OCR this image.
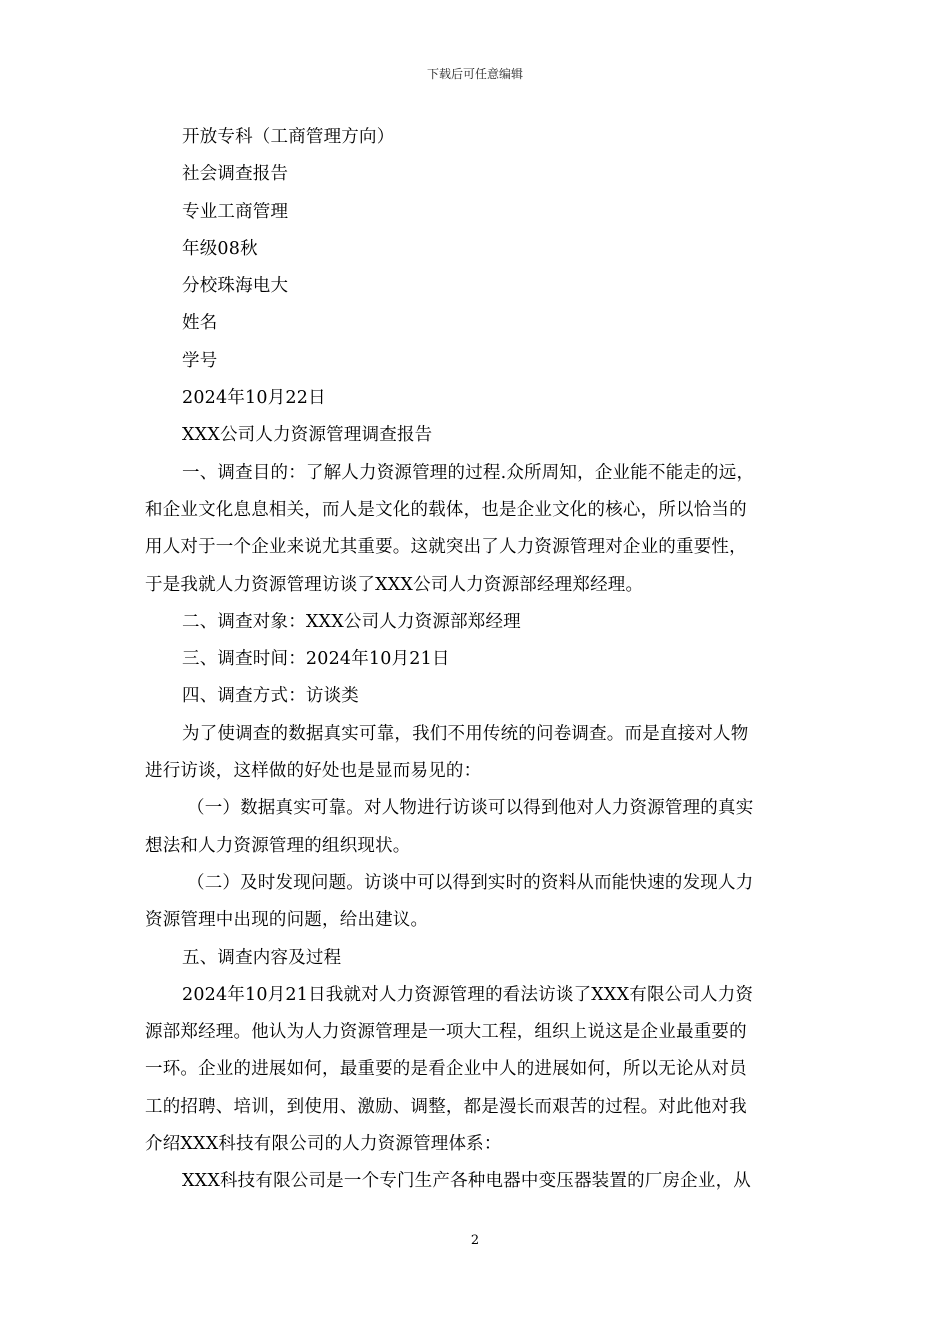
下载后可任意编辑

开放专科（工商管理方向）

社会调查报告

专业工商管理

年级08秋

分校珠海电大

姓名

学号

2024年10月22日

XXX公司人力资源管理调查报告

一、调查目的：了解人力资源管理的过程.众所周知，企业能不能走的远，

和企业文化息息相关，而人是文化的载体，也是企业文化的核心，所以恰当的

用人对于一个企业来说尤其重要。这就突出了人力资源管理对企业的重要性，

于是我就人力资源管理访谈了XXX公司人力资源部经理郑经理。

二、调查对象：XXX公司人力资源部郑经理

三、调查时间：2024年10月21日

四、调查方式：访谈类

为了使调查的数据真实可靠，我们不用传统的问卷调查。而是直接对人物

进行访谈，这样做的好处也是显而易见的：

（一）数据真实可靠。对人物进行访谈可以得到他对人力资源管理的真实

想法和人力资源管理的组织现状。

（二）及时发现问题。访谈中可以得到实时的资料从而能快速的发现人力

资源管理中出现的问题，给出建议。

五、调查内容及过程

2024年10月21日我就对人力资源管理的看法访谈了XXX有限公司人力资

源部郑经理。他认为人力资源管理是一项大工程，组织上说这是企业最重要的

一环。企业的进展如何，最重要的是看企业中人的进展如何，所以无论从对员

工的招聘、培训，到使用、激励、调整，都是漫长而艰苦的过程。对此他对我

介绍XXX科技有限公司的人力资源管理体系：

XXX科技有限公司是一个专门生产各种电器中变压器装置的厂房企业，从

2
